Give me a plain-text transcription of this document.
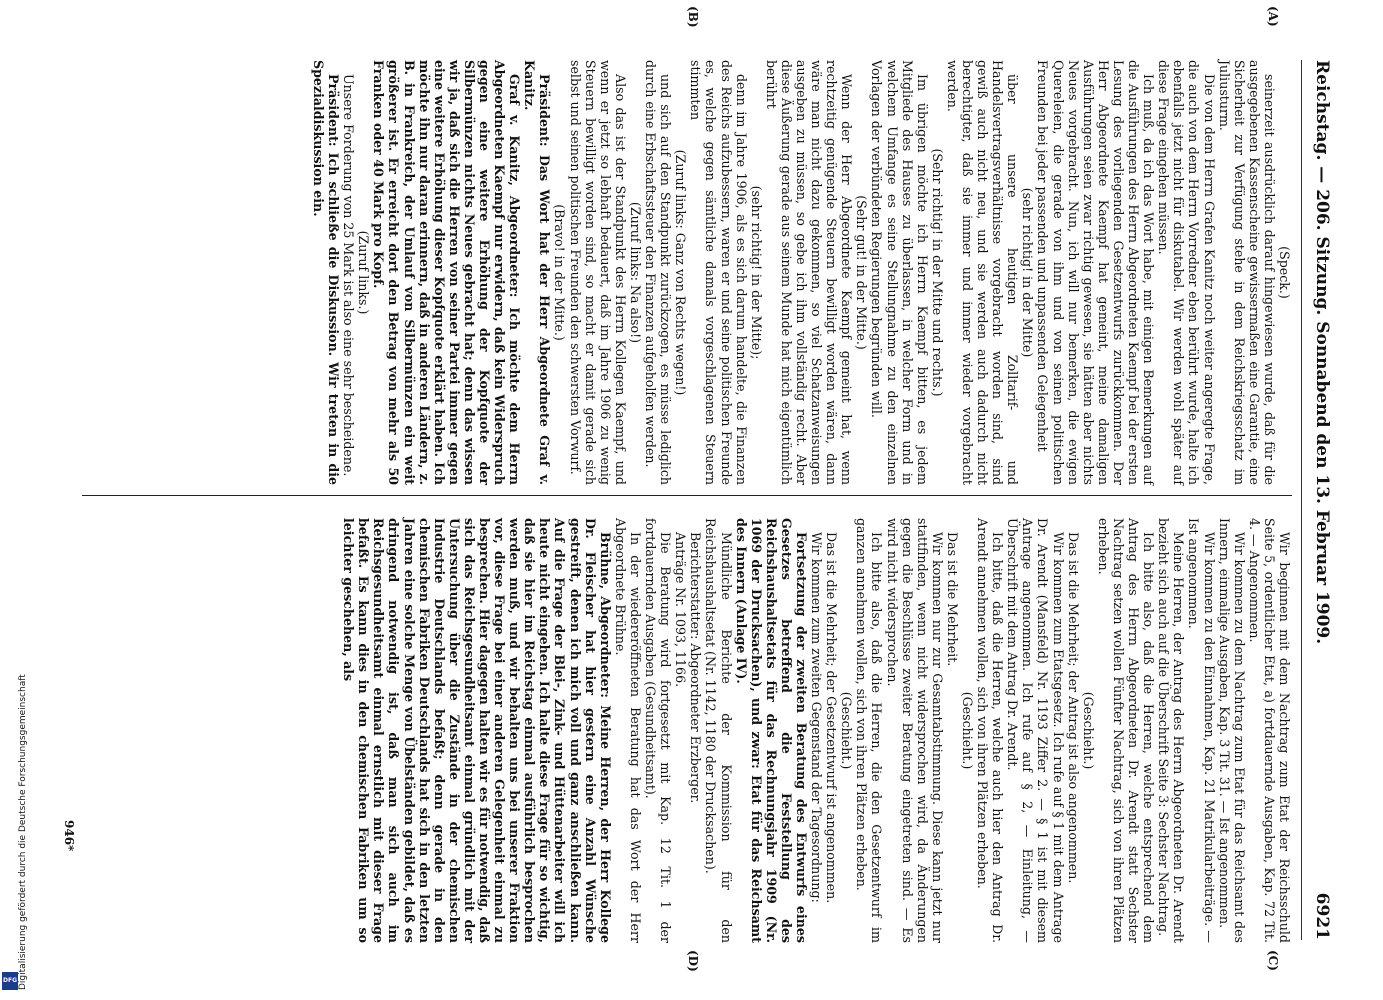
Reichstag. — 206. Sitzung. Sonnabend den 13. Februar 1909.
6921
(A)
(B)
(C)
(D)

(Speck.)

seinerzeit ausdrücklich darauf hingewiesen wurde, daß für die ausgegebenen Kassenscheine gewissermaßen eine Garantie, eine Sicherheit zur Verfügung stehe in dem Reichskriegsschatz im Juliusturm.

Die von dem Herrn Grafen Kanitz noch weiter angeregte Frage, die auch von dem Herrn Vorredner eben berührt wurde, halte ich ebenfalls jetzt nicht für diskutabel. Wir werden wohl später auf diese Frage eingehen müssen.

Ich muß, da ich das Wort habe, mit einigen Bemerkungen auf die Ausführungen des Herrn Abgeordneten Kaempf bei der ersten Lesung des vorliegenden Gesetzentwurfs zurückkommen. Der Herr Abgeordnete Kaempf hat gemeint, meine damaligen Ausführungen seien zwar richtig gewesen, sie hätten aber nichts Neues vorgebracht. Nun, ich will nur bemerken, die ewigen Quereleien, die gerade von ihm und von seinen politischen Freunden bei jeder passenden und unpassenden Gelegenheit

(sehr richtig! in der Mitte)

über unsere heutigen Zolltarif- und Handelsvertragsverhältnisse vorgebracht worden sind, sind gewiß auch nicht neu, und sie werden auch dadurch nicht berechtigter, daß sie immer und immer wieder vorgebracht werden.

(Sehr richtig! in der Mitte und rechts.)

Im übrigen möchte ich Herrn Kaempf bitten, es jedem Mitgliede des Hauses zu überlassen, in welcher Form und in welchem Umfange es seine Stellungnahme zu den einzelnen Vorlagen der verbündeten Regierungen begründen will.

(Sehr gut! in der Mitte.)

Wenn der Herr Abgeordnete Kaempf gemeint hat, wenn rechtzeitig genügende Steuern bewilligt worden wären, dann wäre man nicht dazu gekommen, so viel Schatzanweisungen ausgeben zu müssen, so gebe ich ihm vollständig recht. Aber diese Äußerung gerade aus seinem Munde hat mich eigentümlich berührt

(sehr richtig! in der Mitte);

denn im Jahre 1906, als es sich darum handelte, die Finanzen des Reichs aufzubessern, waren er und seine politischen Freunde es, welche gegen sämtliche damals vorgeschlagenen Steuern stimmten

(Zuruf links: Ganz von Rechts wegen!)

und sich auf den Standpunkt zurückzogen, es müsse lediglich durch eine Erbschaftssteuer den Finanzen aufgeholfen werden.

(Zuruf links: Na also!)

Also das ist der Standpunkt des Herrn Kollegen Kaempf, und wenn er jetzt so lebhaft bedauert, daß im Jahre 1906 zu wenig Steuern bewilligt worden sind, so macht er damit gerade sich selbst und seinen politischen Freunden den schwersten Vorwurf.

(Bravo! in der Mitte.)

Präsident: Das Wort hat der Herr Abgeordnete Graf v. Kanitz.

Graf v. Kanitz, Abgeordneter: Ich möchte dem Herrn Abgeordneten Kaempf nur erwidern, daß kein Widerspruch gegen eine weitere Erhöhung der Kopfquote der Silbermünzen nichts Neues gebracht hat; denn das wissen wir ja, daß sich die Herren von seiner Partei immer gegen eine weitere Erhöhung dieser Kopfquote erklärt haben. Ich möchte ihn nur daran erinnern, daß in anderen Ländern, z. B. in Frankreich, der Umlauf von Silbermünzen ein weit größerer ist. Er erreicht dort den Betrag von mehr als 50 Franken oder 40 Mark pro Kopf.

(Zuruf links.)

Unsere Forderung von 25 Mark ist also eine sehr bescheidene.

Präsident: Ich schließe die Diskussion. Wir treten in die Spezialdiskussion ein.

Wir beginnen mit dem Nachtrag zum Etat der Reichsschuld Seite 5, ordentlicher Etat, a) fortdauernde Ausgaben, Kap. 72 Tit. 4. — Angenommen.

Wir kommen zu dem Nachtrag zum Etat für das Reichsamt des Innern, einmalige Ausgaben, Kap. 3 Tit. 31. — Ist angenommen.

Wir kommen zu den Einnahmen, Kap. 21 Matrikularbeiträge. — Ist angenommen.

Meine Herren, der Antrag des Herrn Abgeordneten Dr. Arendt bezieht sich auch auf die Überschrift Seite 3: Sechster Nachtrag.

Ich bitte also, daß die Herren, welche entsprechend dem Antrag des Herrn Abgeordneten Dr. Arendt statt Sechster Nachtrag setzen wollen Fünfter Nachtrag, sich von ihren Plätzen erheben.

(Geschieht.)

Das ist die Mehrheit; der Antrag ist also angenommen.

Wir kommen zum Etatsgesetz. Ich rufe auf § 1 mit dem Antrage Dr. Arendt (Mansfeld) Nr. 1193 Ziffer 2. — § 1 ist mit diesem Antrage angenommen. Ich rufe auf § 2, — Einleitung, — Überschrift mit dem Antrag Dr. Arendt.

Ich bitte, daß die Herren, welche auch hier den Antrag Dr. Arendt annehmen wollen, sich von ihren Plätzen erheben.

(Geschieht.)

Das ist die Mehrheit.

Wir kommen nur zur Gesamtabstimmung. Diese kann jetzt nur stattfinden, wenn nicht widersprochen wird, da Änderungen gegen die Beschlüsse zweiter Beratung eingetreten sind. — Es wird nicht widersprochen.

Ich bitte also, daß die Herren, die den Gesetzentwurf im ganzen annehmen wollen, sich von ihren Plätzen erheben.

(Geschieht.)

Das ist die Mehrheit; der Gesetzentwurf ist angenommen.

Wir kommen zum zweiten Gegenstand der Tagesordnung:

Fortsetzung der zweiten Beratung des Entwurfs eines Gesetzes betreffend die Feststellung des Reichshaushaltsetats für das Rechnungsjahr 1909 (Nr. 1069 der Drucksachen), und zwar: Etat für das Reichsamt des Innern (Anlage IV).

Mündliche Berichte der Kommission für den Reichshaushaltsetat (Nr. 1142, 1180 der Drucksachen).

Berichterstatter: Abgeordneter Erzberger.

Anträge Nr. 1093, 1166.

Die Beratung wird fortgesetzt mit Kap. 12 Tit. 1 der fortdauernden Ausgaben (Gesundheitsamt).

In der wiedereröffneten Beratung hat das Wort der Herr Abgeordnete Brühne.

Brühne, Abgeordneter: Meine Herren, der Herr Kollege Dr. Fleischer hat hier gestern eine Anzahl Wünsche gestreift, denen ich mich voll und ganz anschließen kann. Auf die Frage der Blei-, Zink- und Hüttenarbeiter will ich heute nicht eingehen. Ich halte diese Frage für so wichtig, daß sie hier im Reichstag einmal ausführlich besprochen werden muß, und wir behalten uns bei unserer Fraktion vor, diese Frage bei einer anderen Gelegenheit einmal zu besprechen. Hier dagegen halten wir es für notwendig, daß sich das Reichsgesundheitsamt einmal gründlich mit der Untersuchung über die Zustände in der chemischen Industrie Deutschlands befaßt; denn gerade in den chemischen Fabriken Deutschlands hat sich in den letzten Jahren eine solche Menge von Übelständen gebildet, daß es dringend notwendig ist, daß man sich auch im Reichsgesundheitsamt einmal ernstlich mit dieser Frage befaßt. Es kann dies in den chemischen Fabriken um so leichter geschehen, als

946*
Digitalisierung gefördert durch die Deutsche Forschungsgemeinschaft
DFG
